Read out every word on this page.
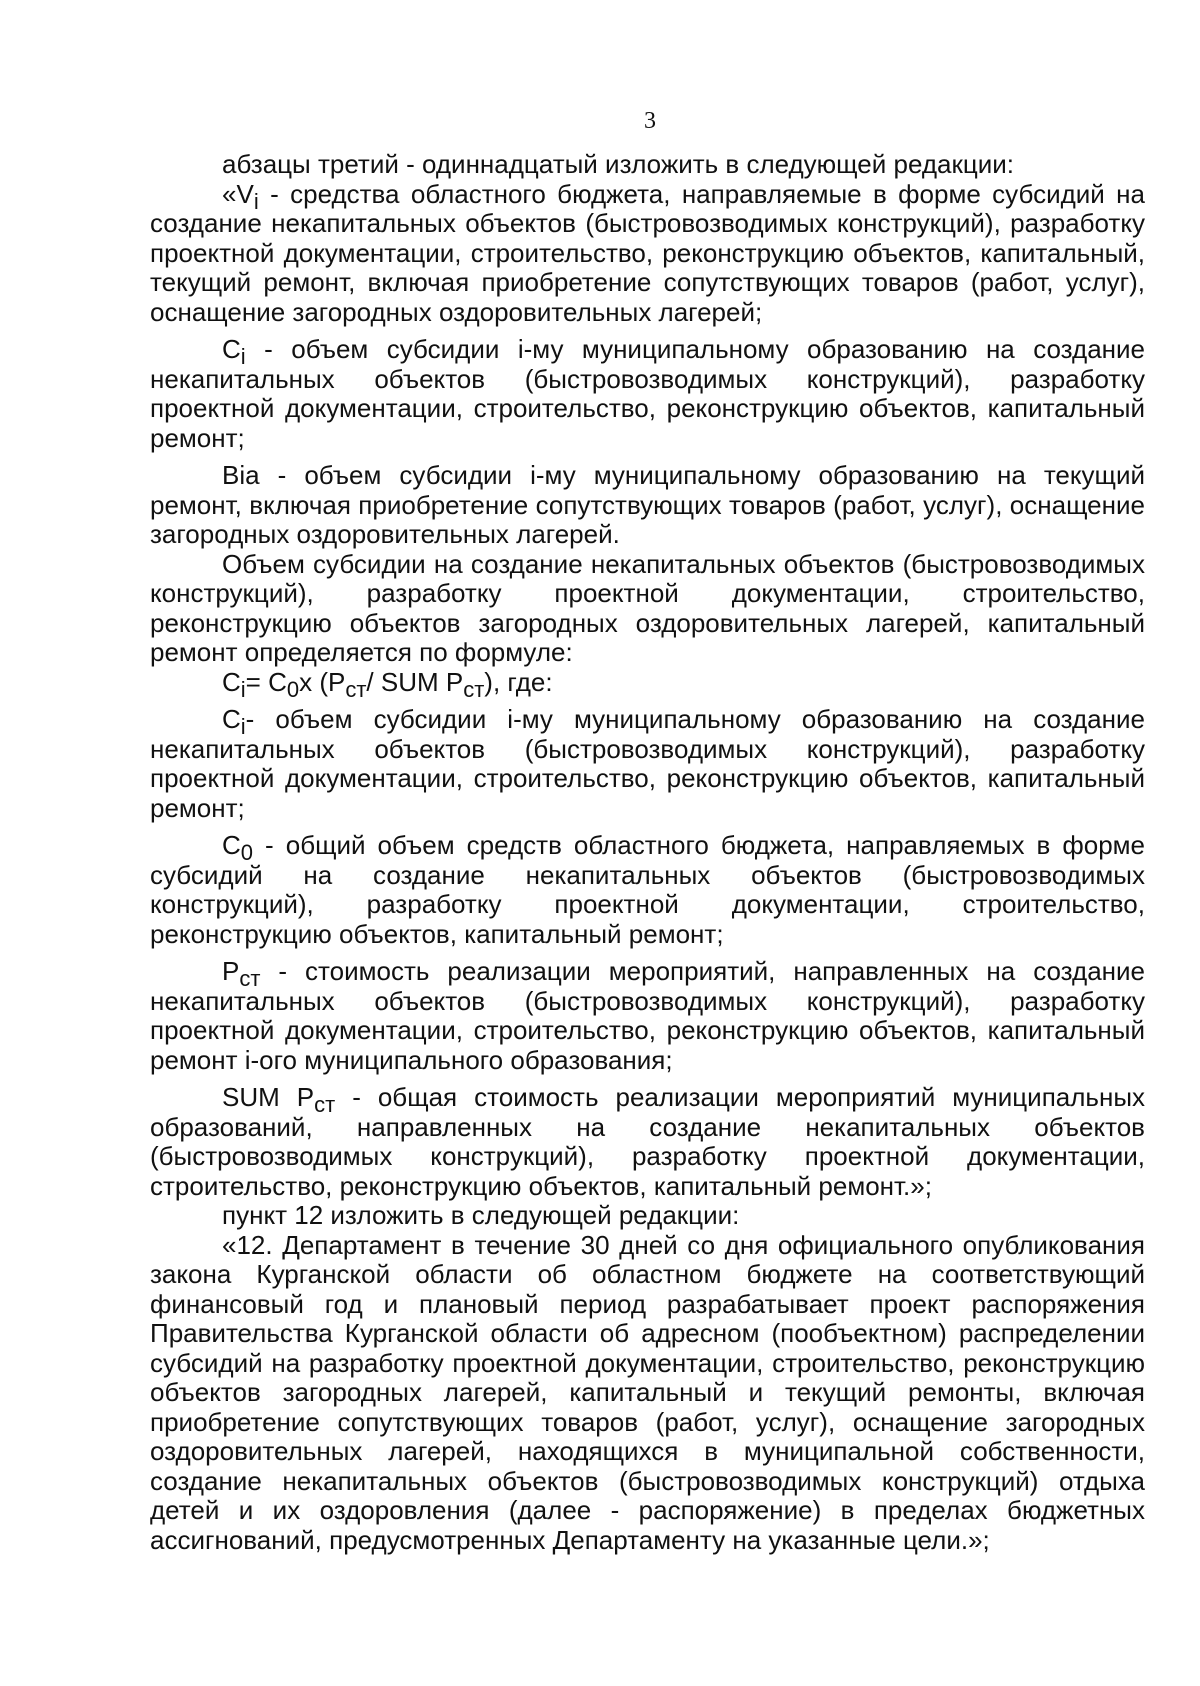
3

абзацы третий - одиннадцатый изложить в следующей редакции:

«$V_i$ - средства областного бюджета, направляемые в форме субсидий на создание некапитальных объектов (быстровозводимых конструкций), разработку проектной документации, строительство, реконструкцию объектов, капитальный, текущий ремонт, включая приобретение сопутствующих товаров (работ, услуг), оснащение загородных оздоровительных лагерей;

$C_i$ - объем субсидии i-му муниципальному образованию на создание некапитальных объектов (быстровозводимых конструкций), разработку проектной документации, строительство, реконструкцию объектов, капитальный ремонт;

Bia - объем субсидии i-му муниципальному образованию на текущий ремонт, включая приобретение сопутствующих товаров (работ, услуг), оснащение загородных оздоровительных лагерей.

Объем субсидии на создание некапитальных объектов (быстровозводимых конструкций), разработку проектной документации, строительство, реконструкцию объектов загородных оздоровительных лагерей, капитальный ремонт определяется по формуле:

$C_i= C_0x$ ($P_{ст}/$ SUM $P_{ст}$), где:

$C_i-$ объем субсидии i-му муниципальному образованию на создание некапитальных объектов (быстровозводимых конструкций), разработку проектной документации, строительство, реконструкцию объектов, капитальный ремонт;

$C_0$ - общий объем средств областного бюджета, направляемых в форме субсидий на создание некапитальных объектов (быстровозводимых конструкций), разработку проектной документации, строительство, реконструкцию объектов, капитальный ремонт;

$P_{ст}$ - стоимость реализации мероприятий, направленных на создание некапитальных объектов (быстровозводимых конструкций), разработку проектной документации, строительство, реконструкцию объектов, капитальный ремонт i-ого муниципального образования;

SUM $P_{ст}$ - общая стоимость реализации мероприятий муниципальных образований, направленных на создание некапитальных объектов (быстровозводимых конструкций), разработку проектной документации, строительство, реконструкцию объектов, капитальный ремонт.»;

пункт 12 изложить в следующей редакции:

«12. Департамент в течение 30 дней со дня официального опубликования закона Курганской области об областном бюджете на соответствующий финансовый год и плановый период разрабатывает проект распоряжения Правительства Курганской области об адресном (пообъектном) распределении субсидий на разработку проектной документации, строительство, реконструкцию объектов загородных лагерей, капитальный и текущий ремонты, включая приобретение сопутствующих товаров (работ, услуг), оснащение загородных оздоровительных лагерей, находящихся в муниципальной собственности, создание некапитальных объектов (быстровозводимых конструкций) отдыха детей и их оздоровления (далее - распоряжение) в пределах бюджетных ассигнований, предусмотренных Департаменту на указанные цели.»;
